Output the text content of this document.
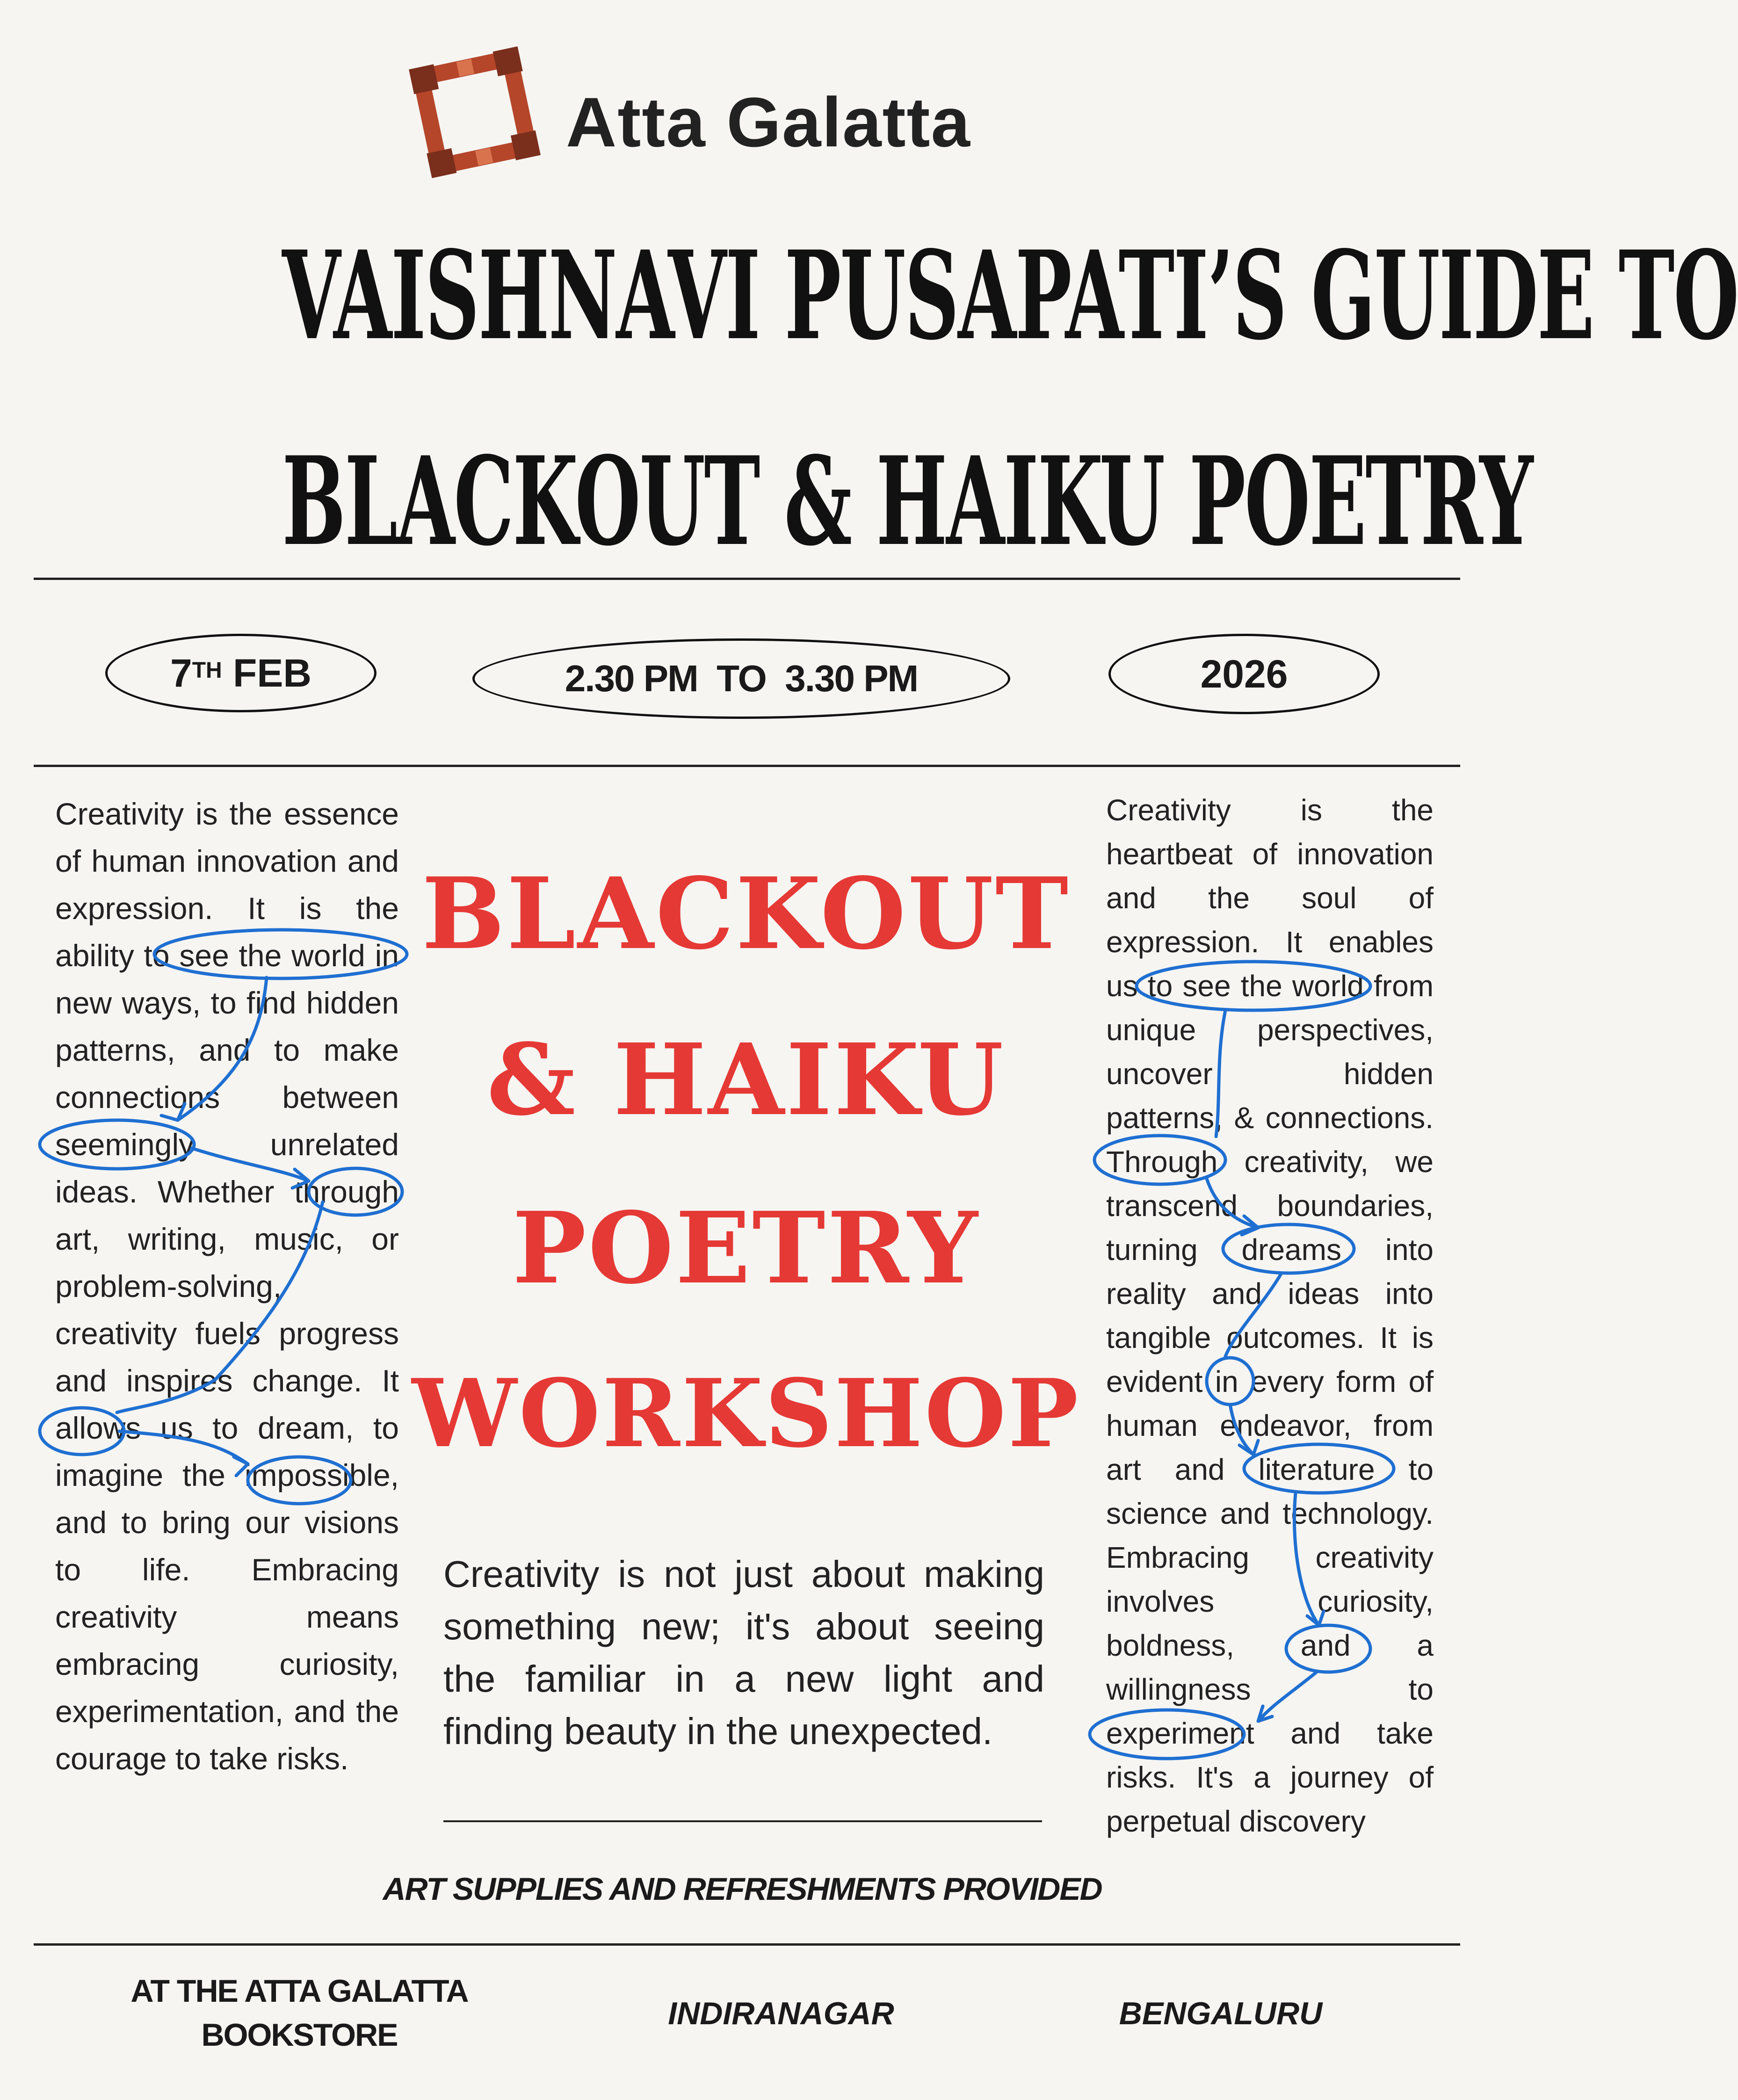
Atta Galatta
VAISHNAVI PUSAPATI’S GUIDE TO
BLACKOUT & HAIKU POETRY
7TH
FEB	2.30 PM  TO  3.30 PM	2026
Creativity is the essence of human innovation and expression. It is the ability to see the world in new ways, to find hidden patterns, and to make connections between seemingly unrelated ideas. Whether through art, writing, music, or problem-solving, creativity fuels progress and inspires change. It allows us to dream, to imagine the impossible, and to bring our visions to life. Embracing creativity means embracing curiosity, experimentation, and the courage to take risks.
BLACKOUT
& HAIKU
POETRY
WORKSHOP
Creativity is the heartbeat of innovation and the soul of expression. It enables us to see the world from unique perspectives, uncover hidden patterns, & connections. Through creativity, we transcend boundaries, turning dreams into reality and ideas into tangible outcomes. It is evident in every form of human endeavor, from art and literature to science and technology. Embracing creativity involves curiosity, boldness, and a willingness to experiment and take risks. It's a journey of perpetual discovery
Creativity is not just about making something new; it's about seeing the familiar in a new light and finding beauty in the unexpected.
ART SUPPLIES AND REFRESHMENTS PROVIDED
AT THE ATTA GALATTA
BOOKSTORE
INDIRANAGAR	BENGALURU
